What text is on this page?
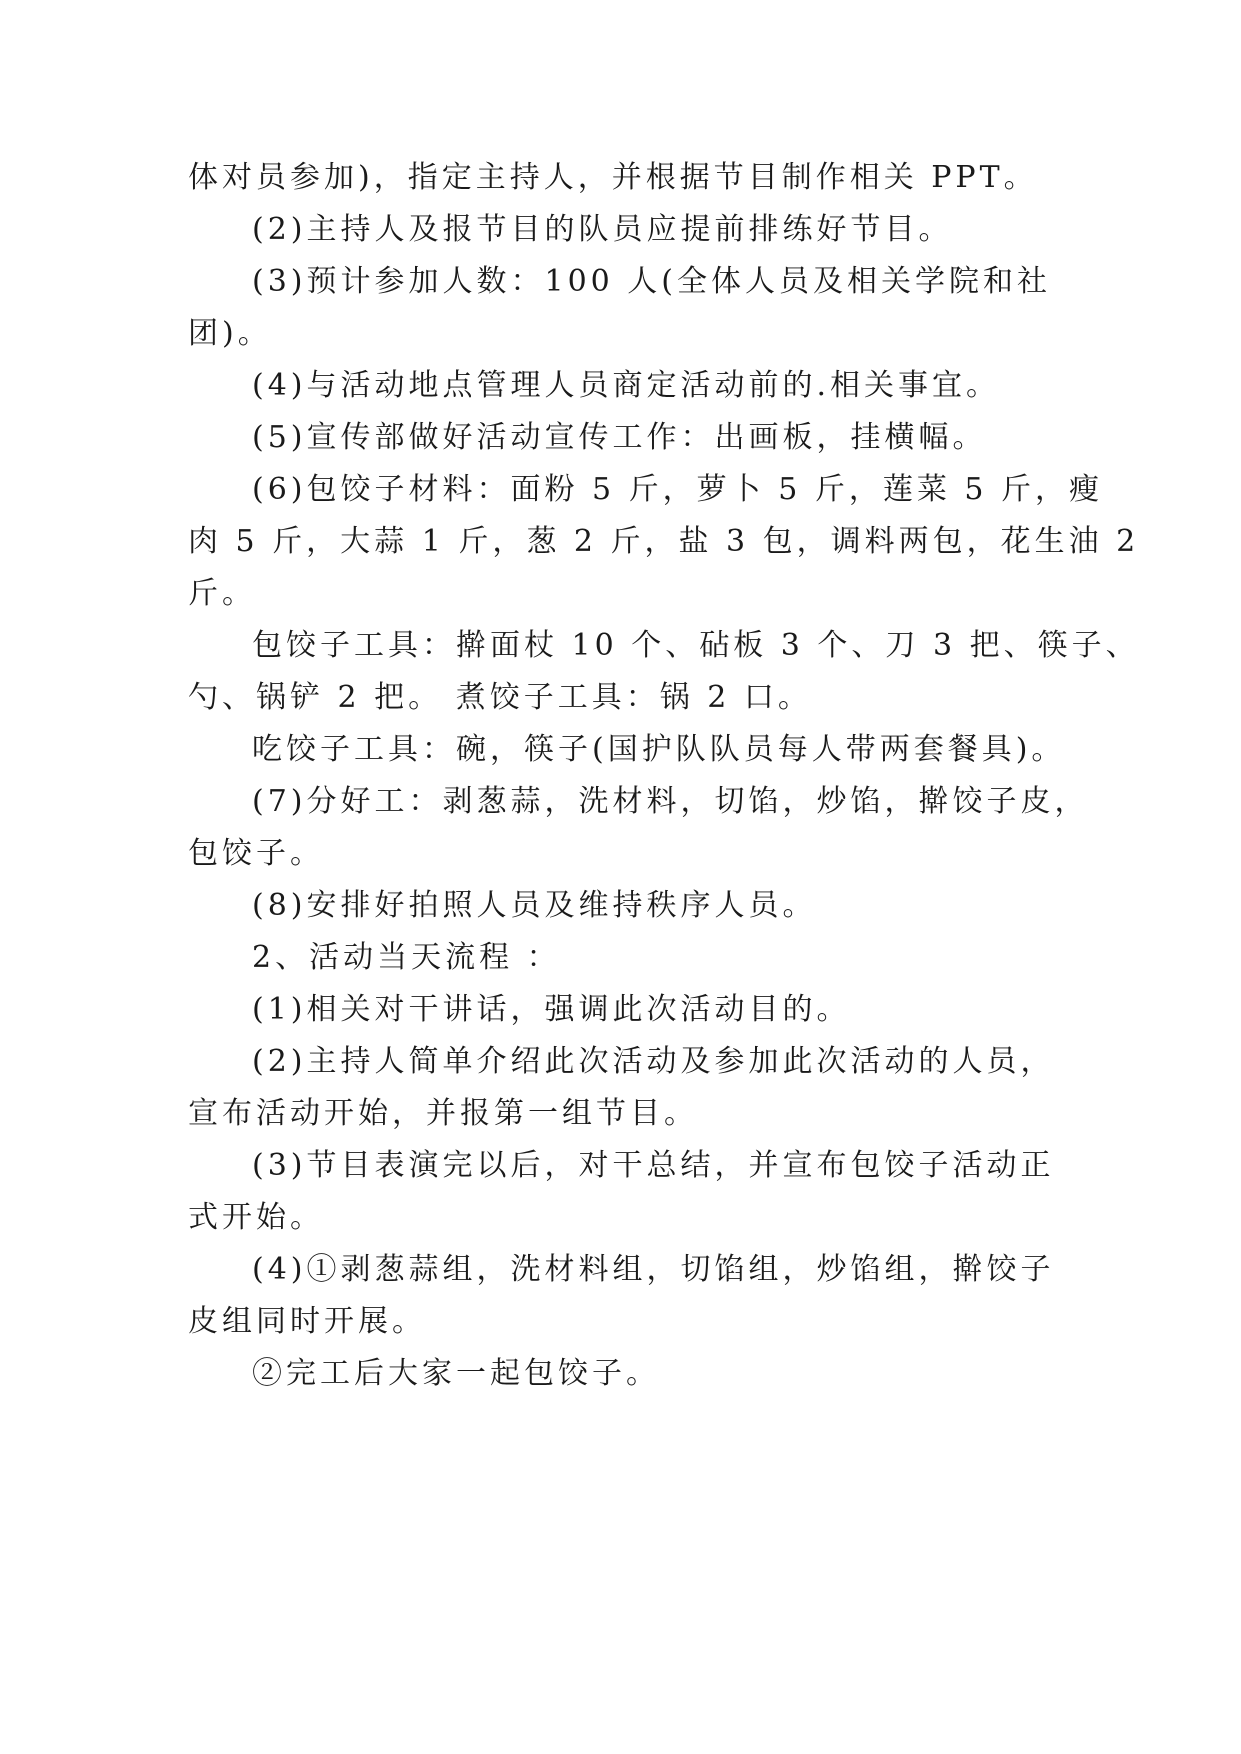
体对员参加)，指定主持人，并根据节目制作相关 PPT。
(2)主持人及报节目的队员应提前排练好节目。
(3)预计参加人数：100 人(全体人员及相关学院和社
团)。
(4)与活动地点管理人员商定活动前的.相关事宜。
(5)宣传部做好活动宣传工作：出画板，挂横幅。
(6)包饺子材料：面粉 5 斤，萝卜 5 斤，莲菜 5 斤，瘦
肉 5 斤，大蒜 1 斤，葱 2 斤，盐 3 包，调料两包，花生油 2
斤。
包饺子工具：擀面杖 10 个、砧板 3 个、刀 3 把、筷子、
勺、锅铲 2 把。 煮饺子工具：锅 2 口。
吃饺子工具：碗，筷子(国护队队员每人带两套餐具)。
(7)分好工：剥葱蒜，洗材料，切馅，炒馅，擀饺子皮，
包饺子。
(8)安排好拍照人员及维持秩序人员。
2、活动当天流程 ：
(1)相关对干讲话，强调此次活动目的。
(2)主持人简单介绍此次活动及参加此次活动的人员，
宣布活动开始，并报第一组节目。
(3)节目表演完以后，对干总结，并宣布包饺子活动正
式开始。
(4)①剥葱蒜组，洗材料组，切馅组，炒馅组，擀饺子
皮组同时开展。
②完工后大家一起包饺子。
